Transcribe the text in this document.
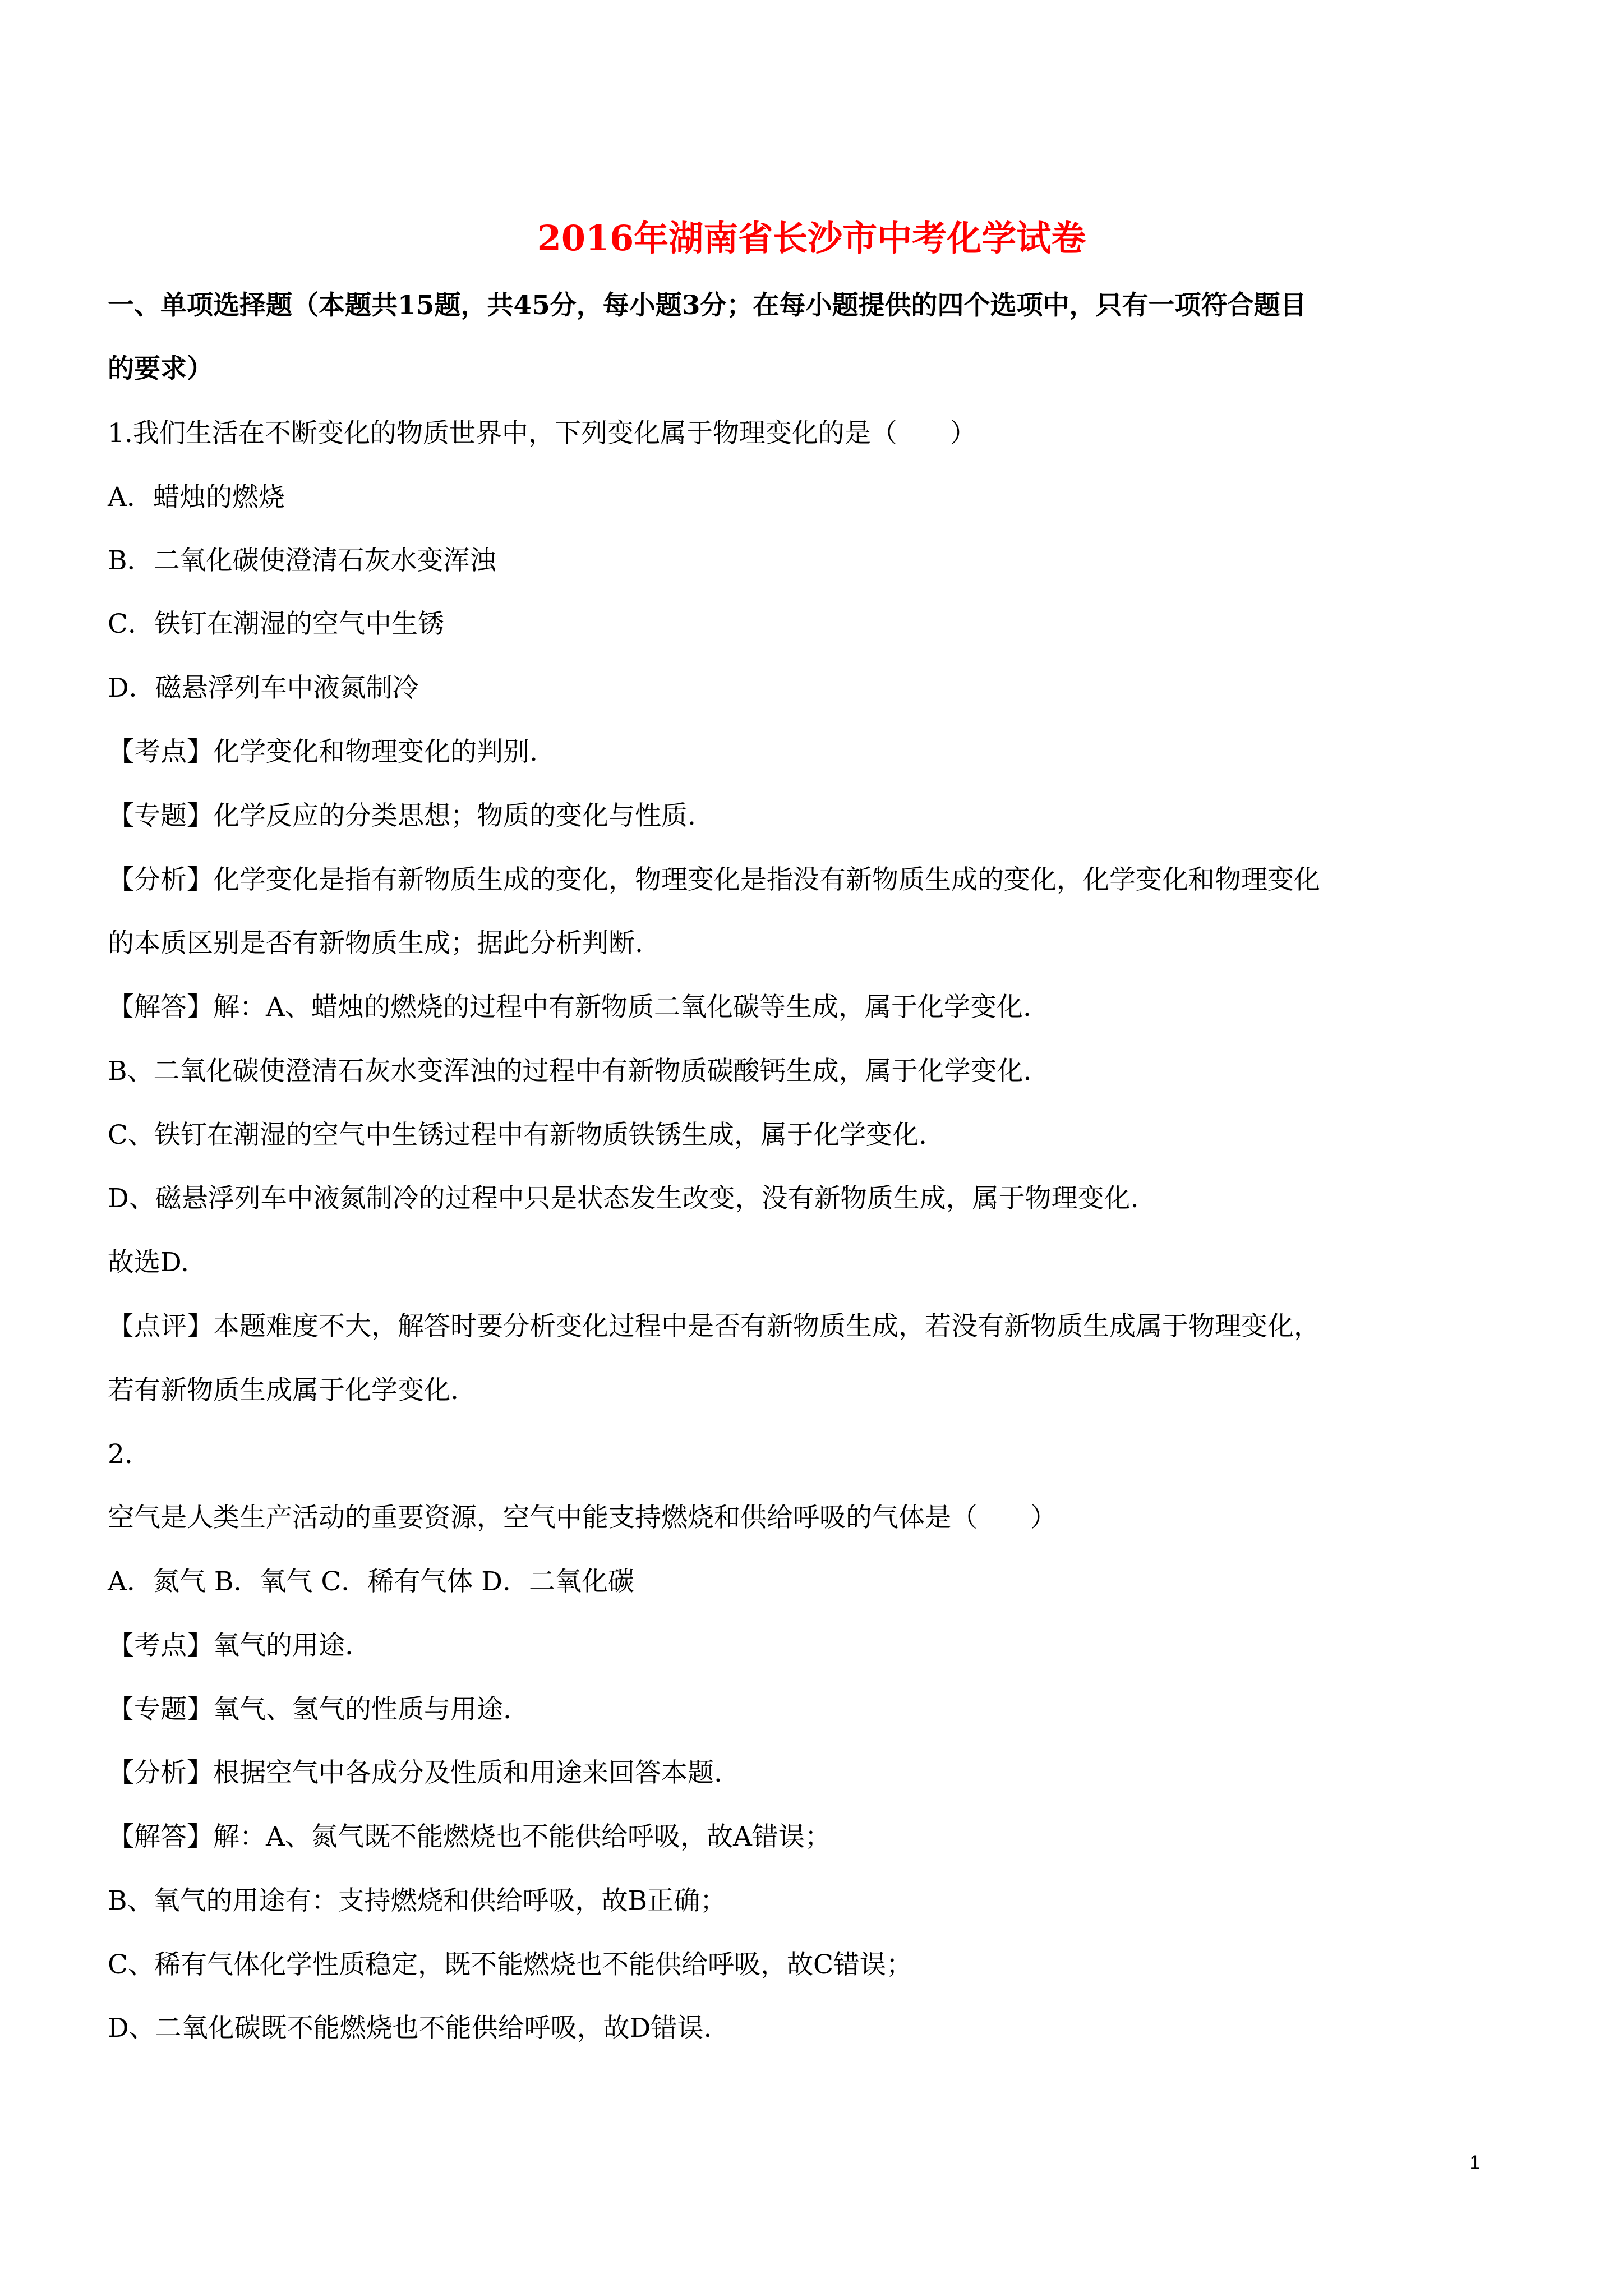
2016年湖南省长沙市中考化学试卷

一、单项选择题（本题共15题，共45分，每小题3分；在每小题提供的四个选项中，只有一项符合题目

的要求）

1.我们生活在不断变化的物质世界中，下列变化属于物理变化的是（　　）

A．蜡烛的燃烧

B．二氧化碳使澄清石灰水变浑浊

C．铁钉在潮湿的空气中生锈

D．磁悬浮列车中液氮制冷

【考点】化学变化和物理变化的判别.

【专题】化学反应的分类思想；物质的变化与性质.

【分析】化学变化是指有新物质生成的变化，物理变化是指没有新物质生成的变化，化学变化和物理变化

的本质区别是否有新物质生成；据此分析判断.

【解答】解：A、蜡烛的燃烧的过程中有新物质二氧化碳等生成，属于化学变化.

B、二氧化碳使澄清石灰水变浑浊的过程中有新物质碳酸钙生成，属于化学变化.

C、铁钉在潮湿的空气中生锈过程中有新物质铁锈生成，属于化学变化.

D、磁悬浮列车中液氮制冷的过程中只是状态发生改变，没有新物质生成，属于物理变化.

故选D.

【点评】本题难度不大，解答时要分析变化过程中是否有新物质生成，若没有新物质生成属于物理变化，

若有新物质生成属于化学变化.

2.

空气是人类生产活动的重要资源，空气中能支持燃烧和供给呼吸的气体是（　　）

A．氮气 B．氧气 C．稀有气体 D．二氧化碳

【考点】氧气的用途.

【专题】氧气、氢气的性质与用途.

【分析】根据空气中各成分及性质和用途来回答本题.

【解答】解：A、氮气既不能燃烧也不能供给呼吸，故A错误；

B、氧气的用途有：支持燃烧和供给呼吸，故B正确；

C、稀有气体化学性质稳定，既不能燃烧也不能供给呼吸，故C错误；

D、二氧化碳既不能燃烧也不能供给呼吸，故D错误.

1
